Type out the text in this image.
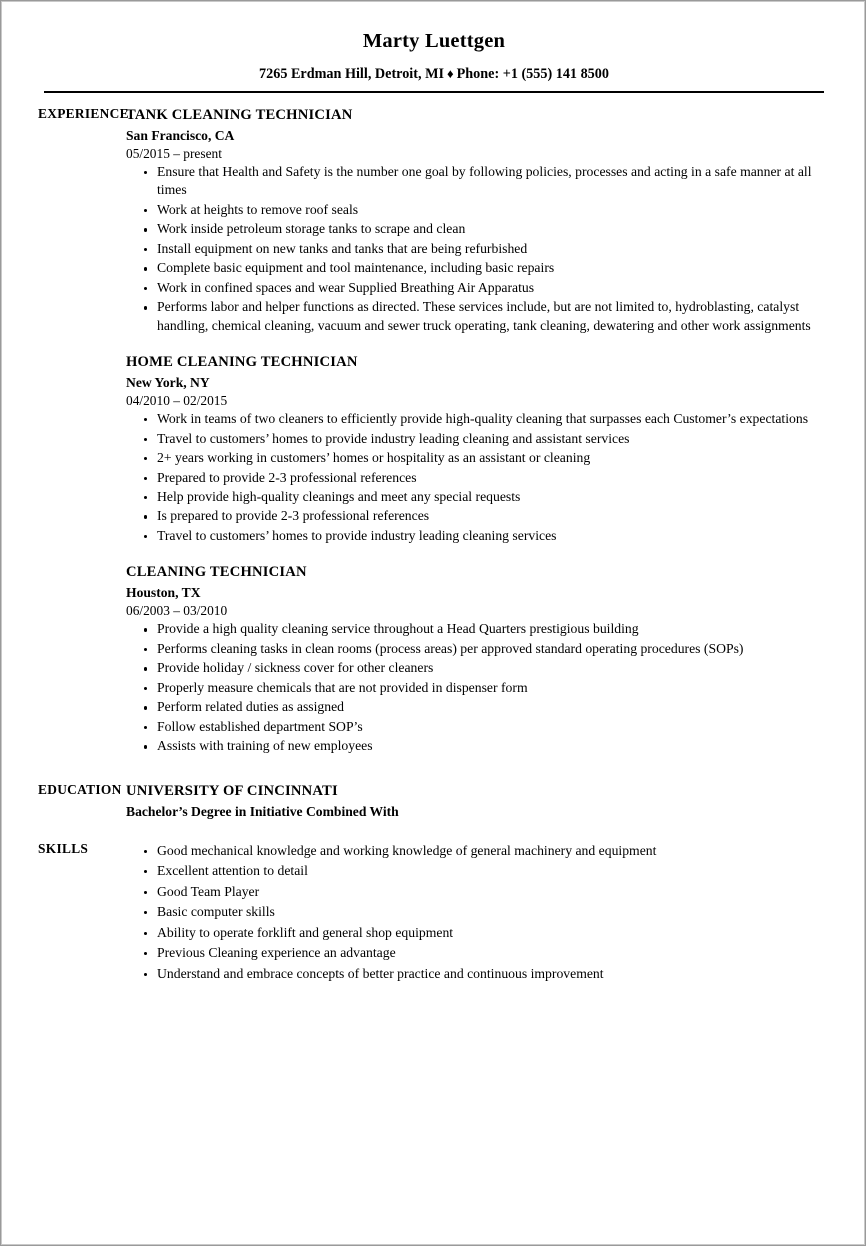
Marty Luettgen
7265 Erdman Hill, Detroit, MI ♦ Phone: +1 (555) 141 8500
EXPERIENCE
TANK CLEANING TECHNICIAN
San Francisco, CA
05/2015 – present
Ensure that Health and Safety is the number one goal by following policies, processes and acting in a safe manner at all times
Work at heights to remove roof seals
Work inside petroleum storage tanks to scrape and clean
Install equipment on new tanks and tanks that are being refurbished
Complete basic equipment and tool maintenance, including basic repairs
Work in confined spaces and wear Supplied Breathing Air Apparatus
Performs labor and helper functions as directed. These services include, but are not limited to, hydroblasting, catalyst handling, chemical cleaning, vacuum and sewer truck operating, tank cleaning, dewatering and other work assignments
HOME CLEANING TECHNICIAN
New York, NY
04/2010 – 02/2015
Work in teams of two cleaners to efficiently provide high-quality cleaning that surpasses each Customer’s expectations
Travel to customers’ homes to provide industry leading cleaning and assistant services
2+ years working in customers’ homes or hospitality as an assistant or cleaning
Prepared to provide 2-3 professional references
Help provide high-quality cleanings and meet any special requests
Is prepared to provide 2-3 professional references
Travel to customers’ homes to provide industry leading cleaning services
CLEANING TECHNICIAN
Houston, TX
06/2003 – 03/2010
Provide a high quality cleaning service throughout a Head Quarters prestigious building
Performs cleaning tasks in clean rooms (process areas) per approved standard operating procedures (SOPs)
Provide holiday / sickness cover for other cleaners
Properly measure chemicals that are not provided in dispenser form
Perform related duties as assigned
Follow established department SOP’s
Assists with training of new employees
EDUCATION UNIVERSITY OF CINCINNATI
Bachelor’s Degree in Initiative Combined With
SKILLS	Good mechanical knowledge and working knowledge of general machinery and equipment
Excellent attention to detail
Good Team Player
Basic computer skills
Ability to operate forklift and general shop equipment
Previous Cleaning experience an advantage
Understand and embrace concepts of better practice and continuous improvement
